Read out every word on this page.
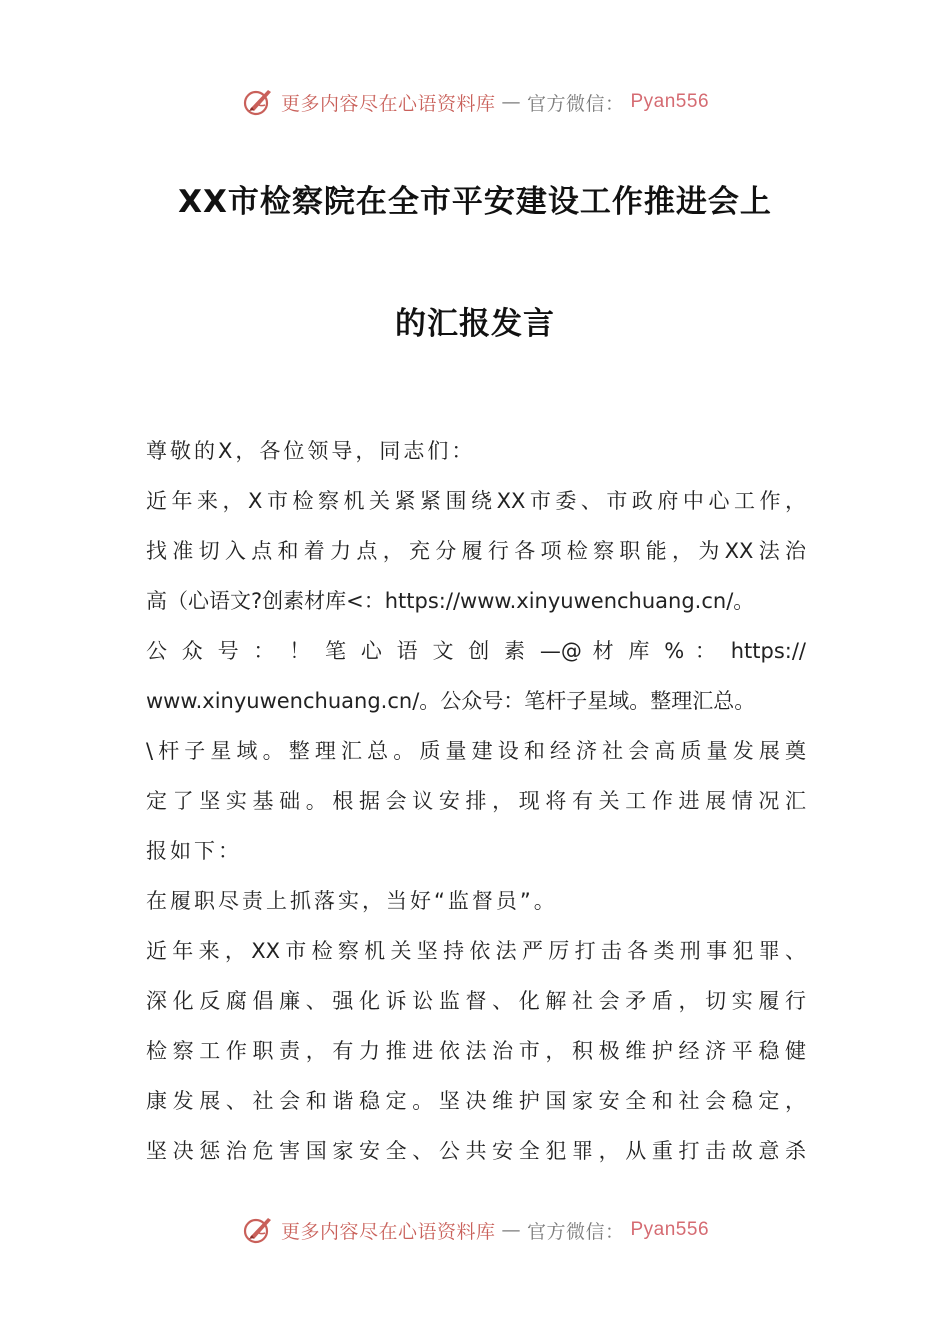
更多内容尽在心语资料库 — 官方微信： Pyan556
XX市检察院在全市平安建设工作推进会上
的汇报发言
尊敬的X，各位领导，同志们：
近年来，X市检察机关紧紧围绕XX市委、市政府中心工作，
找准切入点和着力点，充分履行各项检察职能，为XX法治
高（心语文?创素材库<：https://www.xinyuwenchuang.cn/。
公 众 号 ： ！ 笔 心 语 文 创 素 —@ 材 库 % ： https://
www.xinyuwenchuang.cn/。公众号：笔杆子星域。整理汇总。
\杆子星域。整理汇总。质量建设和经济社会高质量发展奠
定了坚实基础。根据会议安排，现将有关工作进展情况汇
报如下：
在履职尽责上抓落实，当好“监督员”。
近年来，XX市检察机关坚持依法严厉打击各类刑事犯罪、
深化反腐倡廉、强化诉讼监督、化解社会矛盾，切实履行
检察工作职责，有力推进依法治市，积极维护经济平稳健
康发展、社会和谐稳定。坚决维护国家安全和社会稳定，
坚决惩治危害国家安全、公共安全犯罪，从重打击故意杀
更多内容尽在心语资料库 — 官方微信： Pyan556
